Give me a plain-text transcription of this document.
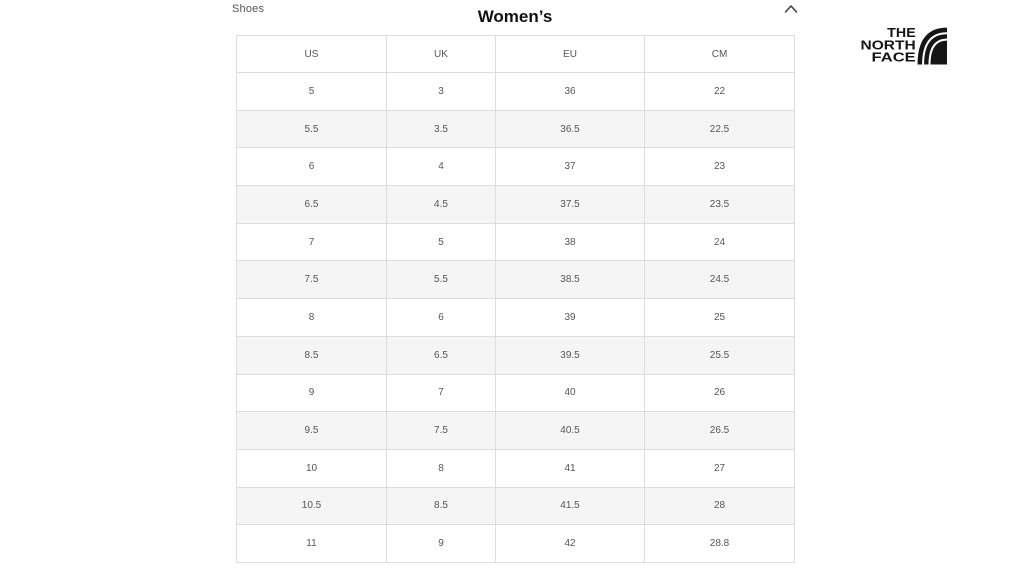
Shoes	Women’s
US	UK	EU	CM
5	3	36	22
5.5	3.5	36.5	22.5
6	4	37	23
6.5	4.5	37.5	23.5
7	5	38	24
7.5	5.5	38.5	24.5
8	6	39	25
8.5	6.5	39.5	25.5
9	7	40	26
9.5	7.5	40.5	26.5
10	8	41	27
10.5	8.5	41.5	28
11	9	42	28.8
THE
NORTH
FACE
